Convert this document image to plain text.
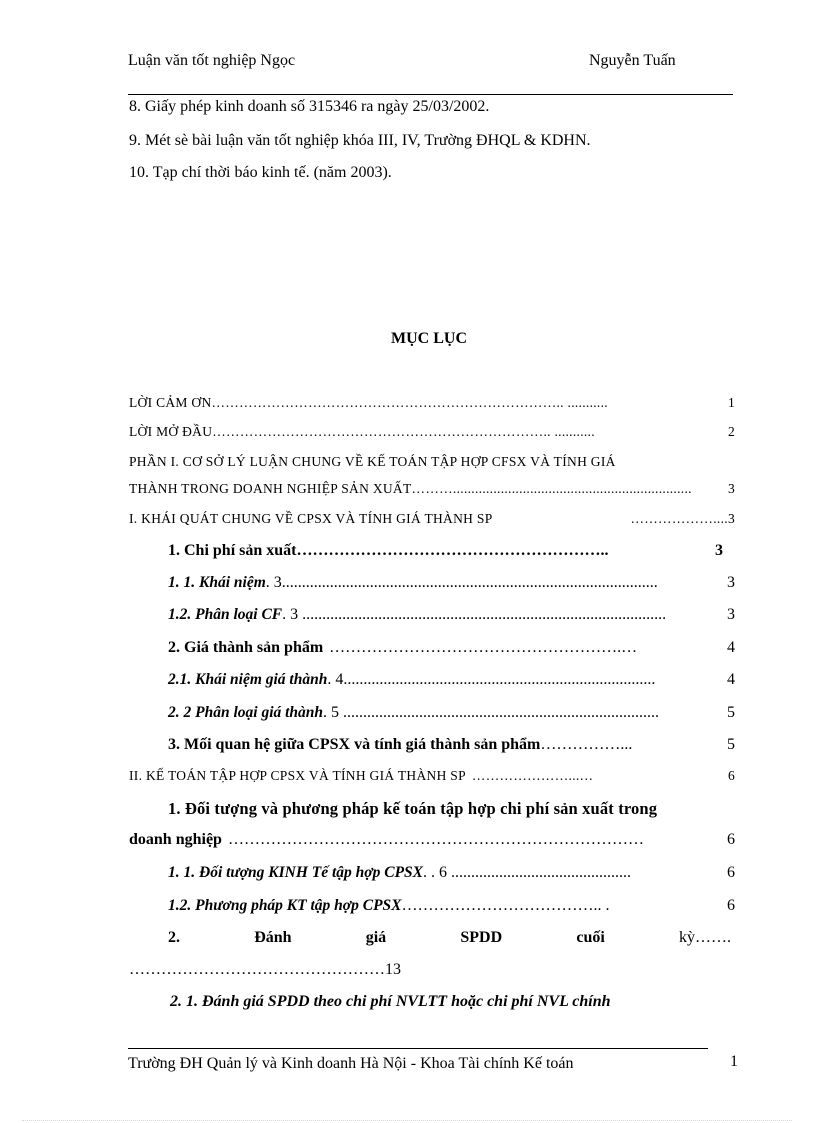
Luận văn tốt nghiệp Ngọc	Nguyễn Tuấn
8. Giấy phép kinh doanh số 315346 ra ngày 25/03/2002.
9. Mét sè bài luận văn tốt nghiệp khóa III, IV, Trường ĐHQL & KDHN.
10. Tạp chí thời báo kinh tế. (năm 2003).
MỤC LỤC
LỜI CẢM ƠN ………………………………………………………………….. ...........	1
LỜI MỞ ĐẦU ……………………………………………………………….. ...........	2
PHẦN I. CƠ SỞ LÝ LUẬN CHUNG VỀ KẾ TOÁN TẬP HỢP CFSX VÀ TÍNH GIÁ
THÀNH TRONG DOANH NGHIỆP SẢN XUẤT ……….................................................................	3
I. KHÁI QUÁT CHUNG VỀ CPSX VÀ TÍNH GIÁ THÀNH SP	……………….... 3
1. Chi phí sản xuất …………………………………………………..	3
1. 1. Khái niệm . 3 ..............................................................................................	3
1.2. Phân loại CF . 3 ...........................................................................................	3
2. Giá thành sản phẩm ……………………………………………….…	4
2.1. Khái niệm giá thành . 4 ..............................................................................	4
2. 2 Phân loại giá thành . 5 ...............................................................................	5
3. Mối quan hệ giữa CPSX và tính giá thành sản phẩm ……………...	5
II. KẾ TOÁN TẬP HỢP CPSX VÀ TÍNH GIÁ THÀNH SP …………………...…	6
1. Đối tượng và phương pháp kế toán tập hợp chi phí sản xuất trong
doanh nghiệp ……………………………………………………………………	6
1. 1. Đối tượng KINH Tế tập hợp CPSX . . 6 .............................................	6
1.2. Phương pháp KT tập hợp CPSX ……………………………….. .	6
2.	Đánh	giá	SPDD	cuối	kỳ…….
…………………………………………13
2. 1. Đánh giá SPDD theo chi phí NVLTT hoặc chi phí NVL chính
Trường ĐH Quản lý và Kinh doanh Hà Nội - Khoa Tài chính Kế toán	1
